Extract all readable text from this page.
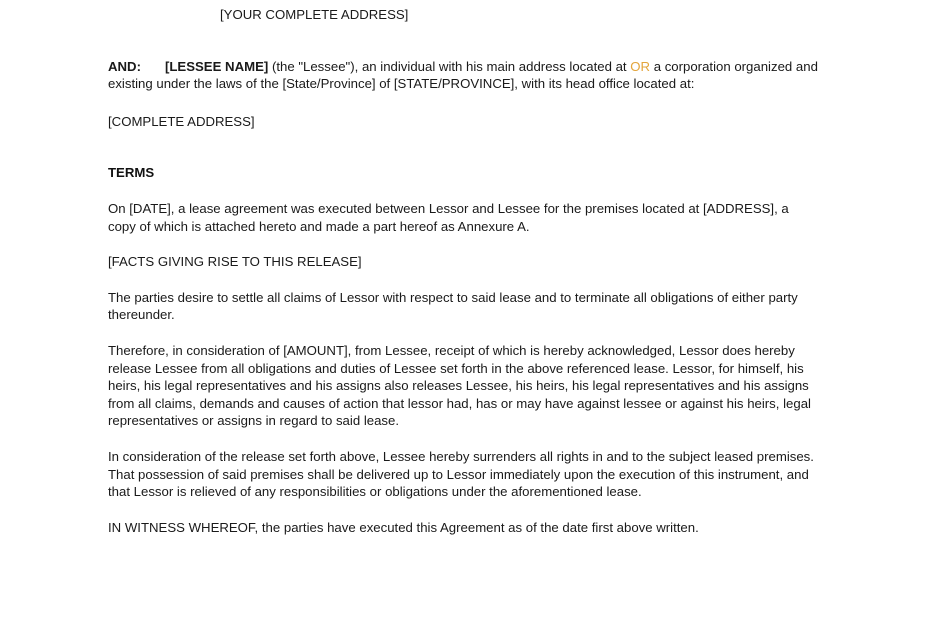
[YOUR COMPLETE ADDRESS]

AND: [LESSEE NAME] (the "Lessee"), an individual with his main address located at OR a corporation organized and existing under the laws of the [State/Province] of [STATE/PROVINCE], with its head office located at:

[COMPLETE ADDRESS]

TERMS

On [DATE], a lease agreement was executed between Lessor and Lessee for the premises located at [ADDRESS], a copy of which is attached hereto and made a part hereof as Annexure A.

[FACTS GIVING RISE TO THIS RELEASE]

The parties desire to settle all claims of Lessor with respect to said lease and to terminate all obligations of either party thereunder.

Therefore, in consideration of [AMOUNT], from Lessee, receipt of which is hereby acknowledged, Lessor does hereby release Lessee from all obligations and duties of Lessee set forth in the above referenced lease. Lessor, for himself, his heirs, his legal representatives and his assigns also releases Lessee, his heirs, his legal representatives and his assigns from all claims, demands and causes of action that lessor had, has or may have against lessee or against his heirs, legal representatives or assigns in regard to said lease.

In consideration of the release set forth above, Lessee hereby surrenders all rights in and to the subject leased premises. That possession of said premises shall be delivered up to Lessor immediately upon the execution of this instrument, and that Lessor is relieved of any responsibilities or obligations under the aforementioned lease.

IN WITNESS WHEREOF, the parties have executed this Agreement as of the date first above written.
